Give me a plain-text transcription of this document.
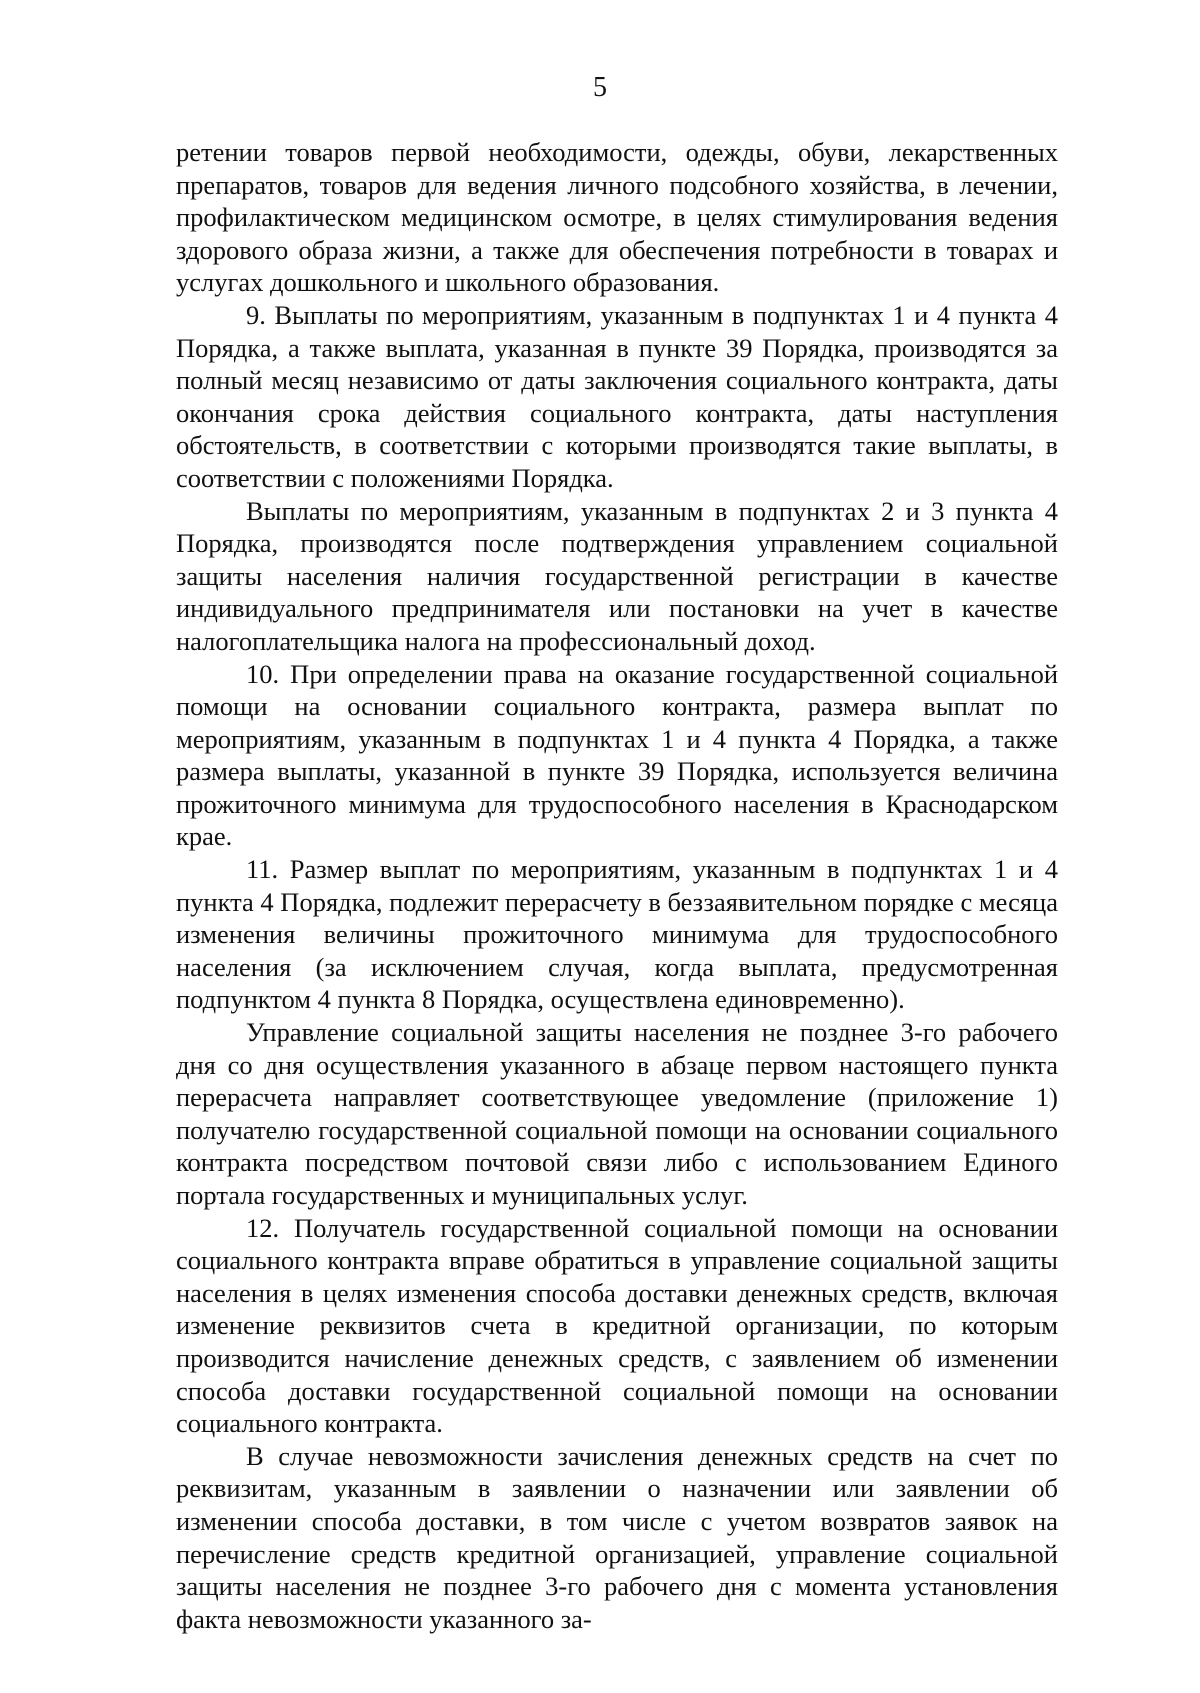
5

ретении товаров первой необходимости, одежды, обуви, лекарственных препаратов, товаров для ведения личного подсобного хозяйства, в лечении, профилактическом медицинском осмотре, в целях стимулирования ведения здорового образа жизни, а также для обеспечения потребности в товарах и услугах дошкольного и школьного образования.

9. Выплаты по мероприятиям, указанным в подпунктах 1 и 4 пункта 4 Порядка, а также выплата, указанная в пункте 39 Порядка, производятся за полный месяц независимо от даты заключения социального контракта, даты окончания срока действия социального контракта, даты наступления обстоятельств, в соответствии с которыми производятся такие выплаты, в соответствии с положениями Порядка.

Выплаты по мероприятиям, указанным в подпунктах 2 и 3 пункта 4 Порядка, производятся после подтверждения управлением социальной защиты населения наличия государственной регистрации в качестве индивидуального предпринимателя или постановки на учет в качестве налогоплательщика налога на профессиональный доход.

10. При определении права на оказание государственной социальной помощи на основании социального контракта, размера выплат по мероприятиям, указанным в подпунктах 1 и 4 пункта 4 Порядка, а также размера выплаты, указанной в пункте 39 Порядка, используется величина прожиточного минимума для трудоспособного населения в Краснодарском крае.

11. Размер выплат по мероприятиям, указанным в подпунктах 1 и 4 пункта 4 Порядка, подлежит перерасчету в беззаявительном порядке с месяца изменения величины прожиточного минимума для трудоспособного населения (за исключением случая, когда выплата, предусмотренная подпунктом 4 пункта 8 Порядка, осуществлена единовременно).

Управление социальной защиты населения не позднее 3-го рабочего дня со дня осуществления указанного в абзаце первом настоящего пункта перерасчета направляет соответствующее уведомление (приложение 1) получателю государственной социальной помощи на основании социального контракта посредством почтовой связи либо с использованием Единого портала государственных и муниципальных услуг.

12. Получатель государственной социальной помощи на основании социального контракта вправе обратиться в управление социальной защиты населения в целях изменения способа доставки денежных средств, включая изменение реквизитов счета в кредитной организации, по которым производится начисление денежных средств, с заявлением об изменении способа доставки государственной социальной помощи на основании социального контракта.

В случае невозможности зачисления денежных средств на счет по реквизитам, указанным в заявлении о назначении или заявлении об изменении способа доставки, в том числе с учетом возвратов заявок на перечисление средств кредитной организацией, управление социальной защиты населения не позднее 3-го рабочего дня с момента установления факта невозможности указанного за-
